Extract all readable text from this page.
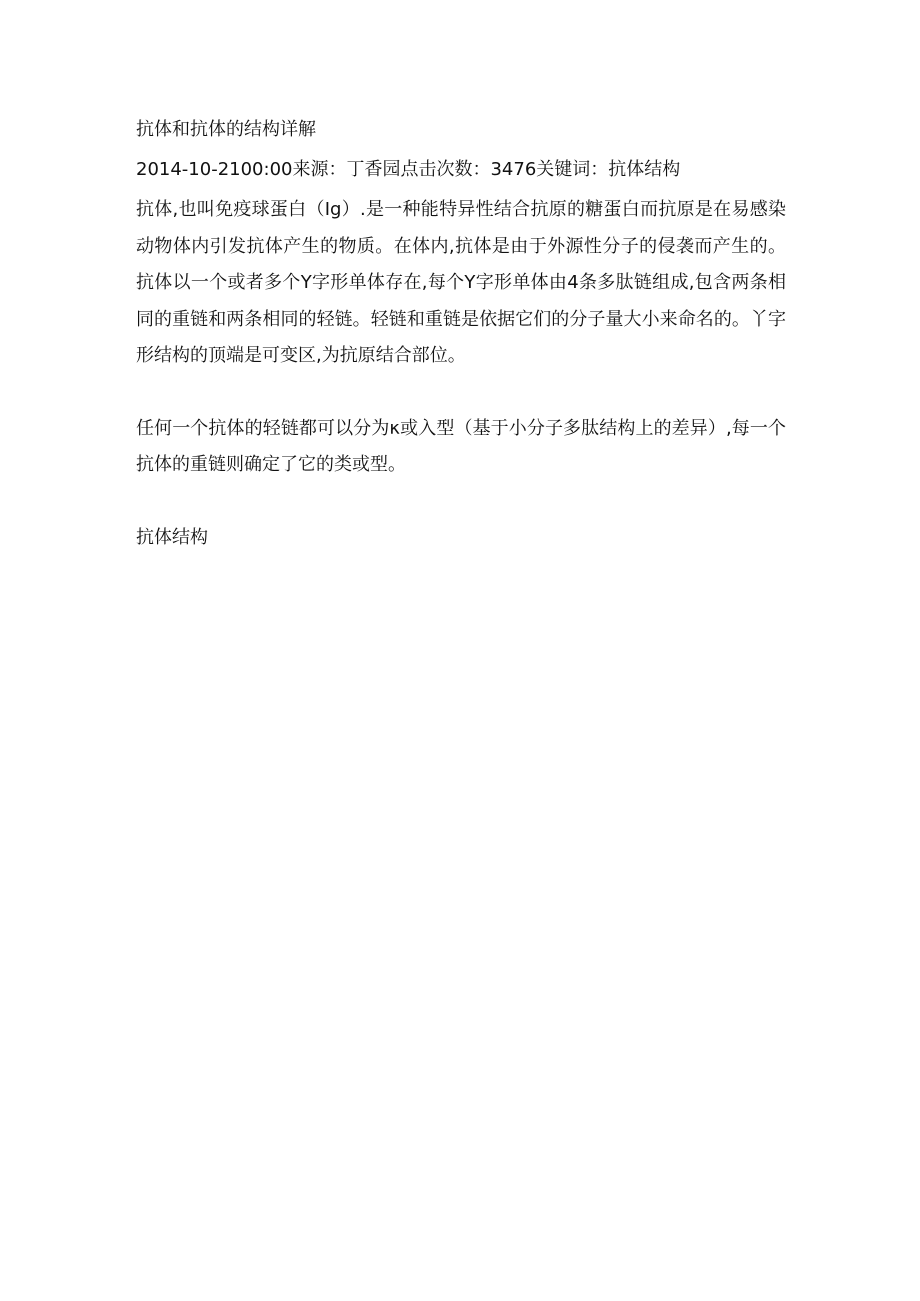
抗体和抗体的结构详解

2014-10-2100:00来源：丁香园点击次数：3476关键词：抗体结构

抗体,也叫免疫球蛋白（Ig）.是一种能特异性结合抗原的糖蛋白而抗原是在易感染动物体内引发抗体产生的物质。在体内,抗体是由于外源性分子的侵袭而产生的。抗体以一个或者多个Y字形单体存在,每个Y字形单体由4条多肽链组成,包含两条相同的重链和两条相同的轻链。轻链和重链是依据它们的分子量大小来命名的。丫字形结构的顶端是可变区,为抗原结合部位。

任何一个抗体的轻链都可以分为κ或入型（基于小分子多肽结构上的差异）,每一个抗体的重链则确定了它的类或型。

抗体结构
